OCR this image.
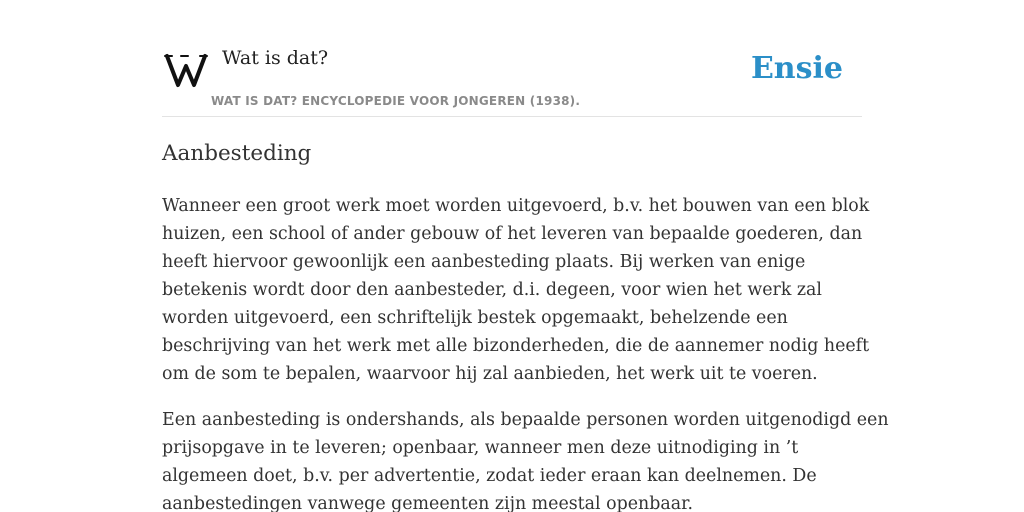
Wat is dat?
WAT IS DAT? ENCYCLOPEDIE VOOR JONGEREN (1938).
Ensie
Aanbesteding

Wanneer een groot werk moet worden uitgevoerd, b.v. het bouwen van een blok
huizen, een school of ander gebouw of het leveren van bepaalde goederen, dan
heeft hiervoor gewoonlijk een aanbesteding plaats. Bij werken van enige
betekenis wordt door den aanbesteder, d.i. degeen, voor wien het werk zal
worden uitgevoerd, een schriftelijk bestek opgemaakt, behelzende een
beschrijving van het werk met alle bizonderheden, die de aannemer nodig heeft
om de som te bepalen, waarvoor hij zal aanbieden, het werk uit te voeren.

Een aanbesteding is ondershands, als bepaalde personen worden uitgenodigd een
prijsopgave in te leveren; openbaar, wanneer men deze uitnodiging in ’t
algemeen doet, b.v. per advertentie, zodat ieder eraan kan deelnemen. De
aanbestedingen vanwege gemeenten zijn meestal openbaar.
